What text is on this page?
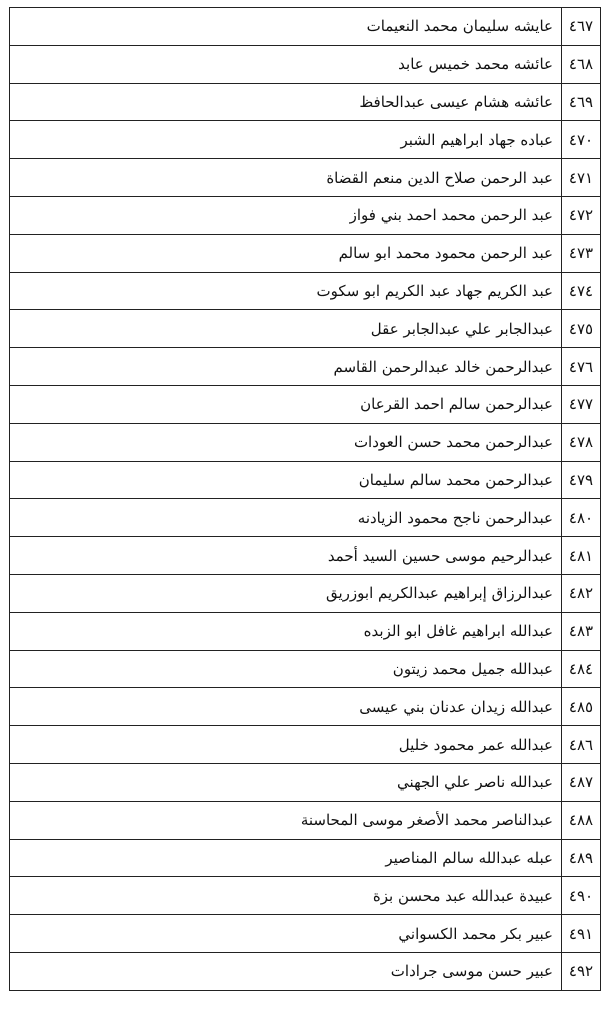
٤٦٧	عايشه سليمان محمد النعيمات
٤٦٨	عائشه محمد خميس عابد
٤٦٩	عائشه هشام عيسى عبدالحافظ
٤٧٠	عباده جهاد ابراهيم الشبر
٤٧١	عبد الرحمن صلاح الدين منعم القضاة
٤٧٢	عبد الرحمن محمد احمد بني فواز
٤٧٣	عبد الرحمن محمود محمد ابو سالم
٤٧٤	عبد الكريم جهاد عبد الكريم ابو سكوت
٤٧٥	عبدالجابر علي عبدالجابر عقل
٤٧٦	عبدالرحمن خالد عبدالرحمن القاسم
٤٧٧	عبدالرحمن سالم احمد القرعان
٤٧٨	عبدالرحمن محمد حسن العودات
٤٧٩	عبدالرحمن محمد سالم سليمان
٤٨٠	عبدالرحمن ناجح محمود الزيادنه
٤٨١	عبدالرحيم موسى حسين السيد أحمد
٤٨٢	عبدالرزاق إبراهيم عبدالكريم ابوزريق
٤٨٣	عبدالله ابراهيم غافل ابو الزبده
٤٨٤	عبدالله جميل محمد زيتون
٤٨٥	عبدالله زيدان عدنان بني عيسى
٤٨٦	عبدالله عمر محمود خليل
٤٨٧	عبدالله ناصر علي الجهني
٤٨٨	عبدالناصر محمد الأصغر موسى المحاسنة
٤٨٩	عبله عبدالله سالم المناصير
٤٩٠	عبيدة عبدالله عبد محسن بزة
٤٩١	عبير بكر محمد الكسواني
٤٩٢	عبير حسن موسى جرادات
